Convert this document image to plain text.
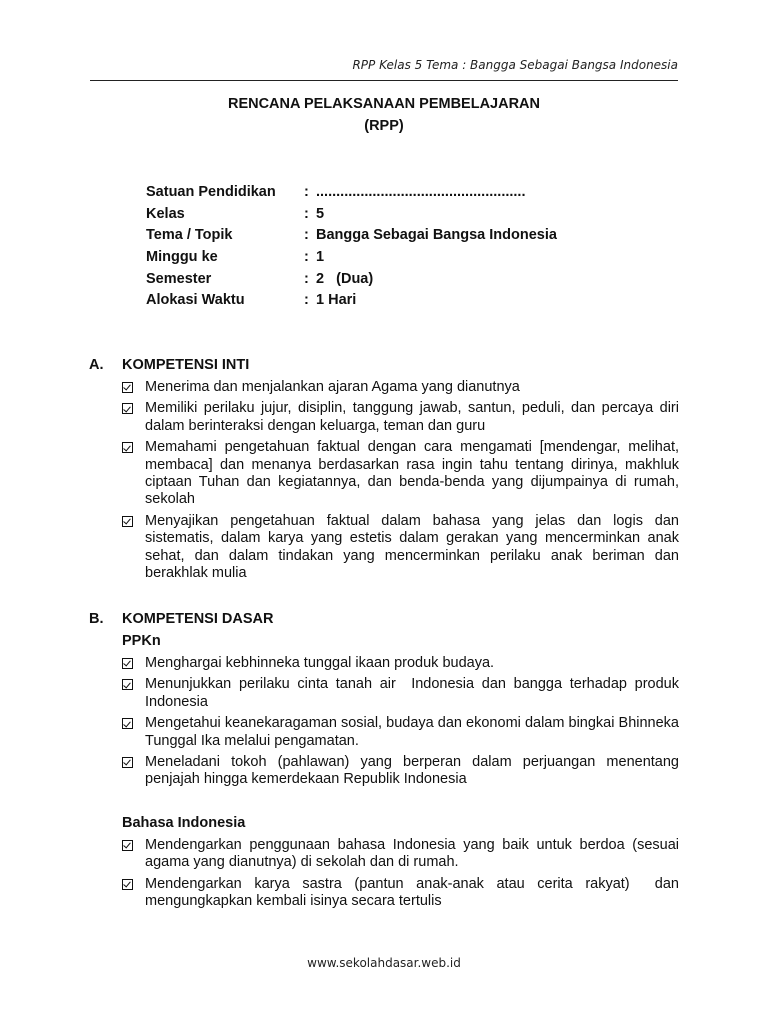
RPP Kelas 5 Tema : Bangga Sebagai Bangsa Indonesia
RENCANA PELAKSANAAN PEMBELAJARAN
(RPP)
Satuan Pendidikan	: ....................................................
Kelas	: 5
Tema / Topik	: Bangga Sebagai Bangsa Indonesia
Minggu ke	: 1
Semester	: 2   (Dua)
Alokasi Waktu	: 1 Hari
A.	KOMPETENSI INTI
Menerima dan menjalankan ajaran Agama yang dianutnya
Memiliki perilaku jujur, disiplin, tanggung jawab, santun, peduli, dan percaya diri dalam berinteraksi dengan keluarga, teman dan guru
Memahami pengetahuan faktual dengan cara mengamati [mendengar, melihat, membaca] dan menanya berdasarkan rasa ingin tahu tentang dirinya, makhluk ciptaan Tuhan dan kegiatannya, dan benda-benda yang dijumpainya di rumah, sekolah
Menyajikan pengetahuan faktual dalam bahasa yang jelas dan logis dan sistematis, dalam karya yang estetis dalam gerakan yang mencerminkan anak sehat, dan dalam tindakan yang mencerminkan perilaku anak beriman dan berakhlak mulia
B.	KOMPETENSI DASAR
PPKn
Menghargai kebhinneka tunggal ikaan produk budaya.
Menunjukkan perilaku cinta tanah air  Indonesia dan bangga terhadap produk Indonesia
Mengetahui keanekaragaman sosial, budaya dan ekonomi dalam bingkai Bhinneka Tunggal Ika melalui pengamatan.
Meneladani tokoh (pahlawan) yang berperan dalam perjuangan menentang penjajah hingga kemerdekaan Republik Indonesia
Bahasa Indonesia
Mendengarkan penggunaan bahasa Indonesia yang baik untuk berdoa (sesuai agama yang dianutnya) di sekolah dan di rumah.
Mendengarkan karya sastra (pantun anak-anak atau cerita rakyat)  dan mengungkapkan kembali isinya secara tertulis
www.sekolahdasar.web.id
